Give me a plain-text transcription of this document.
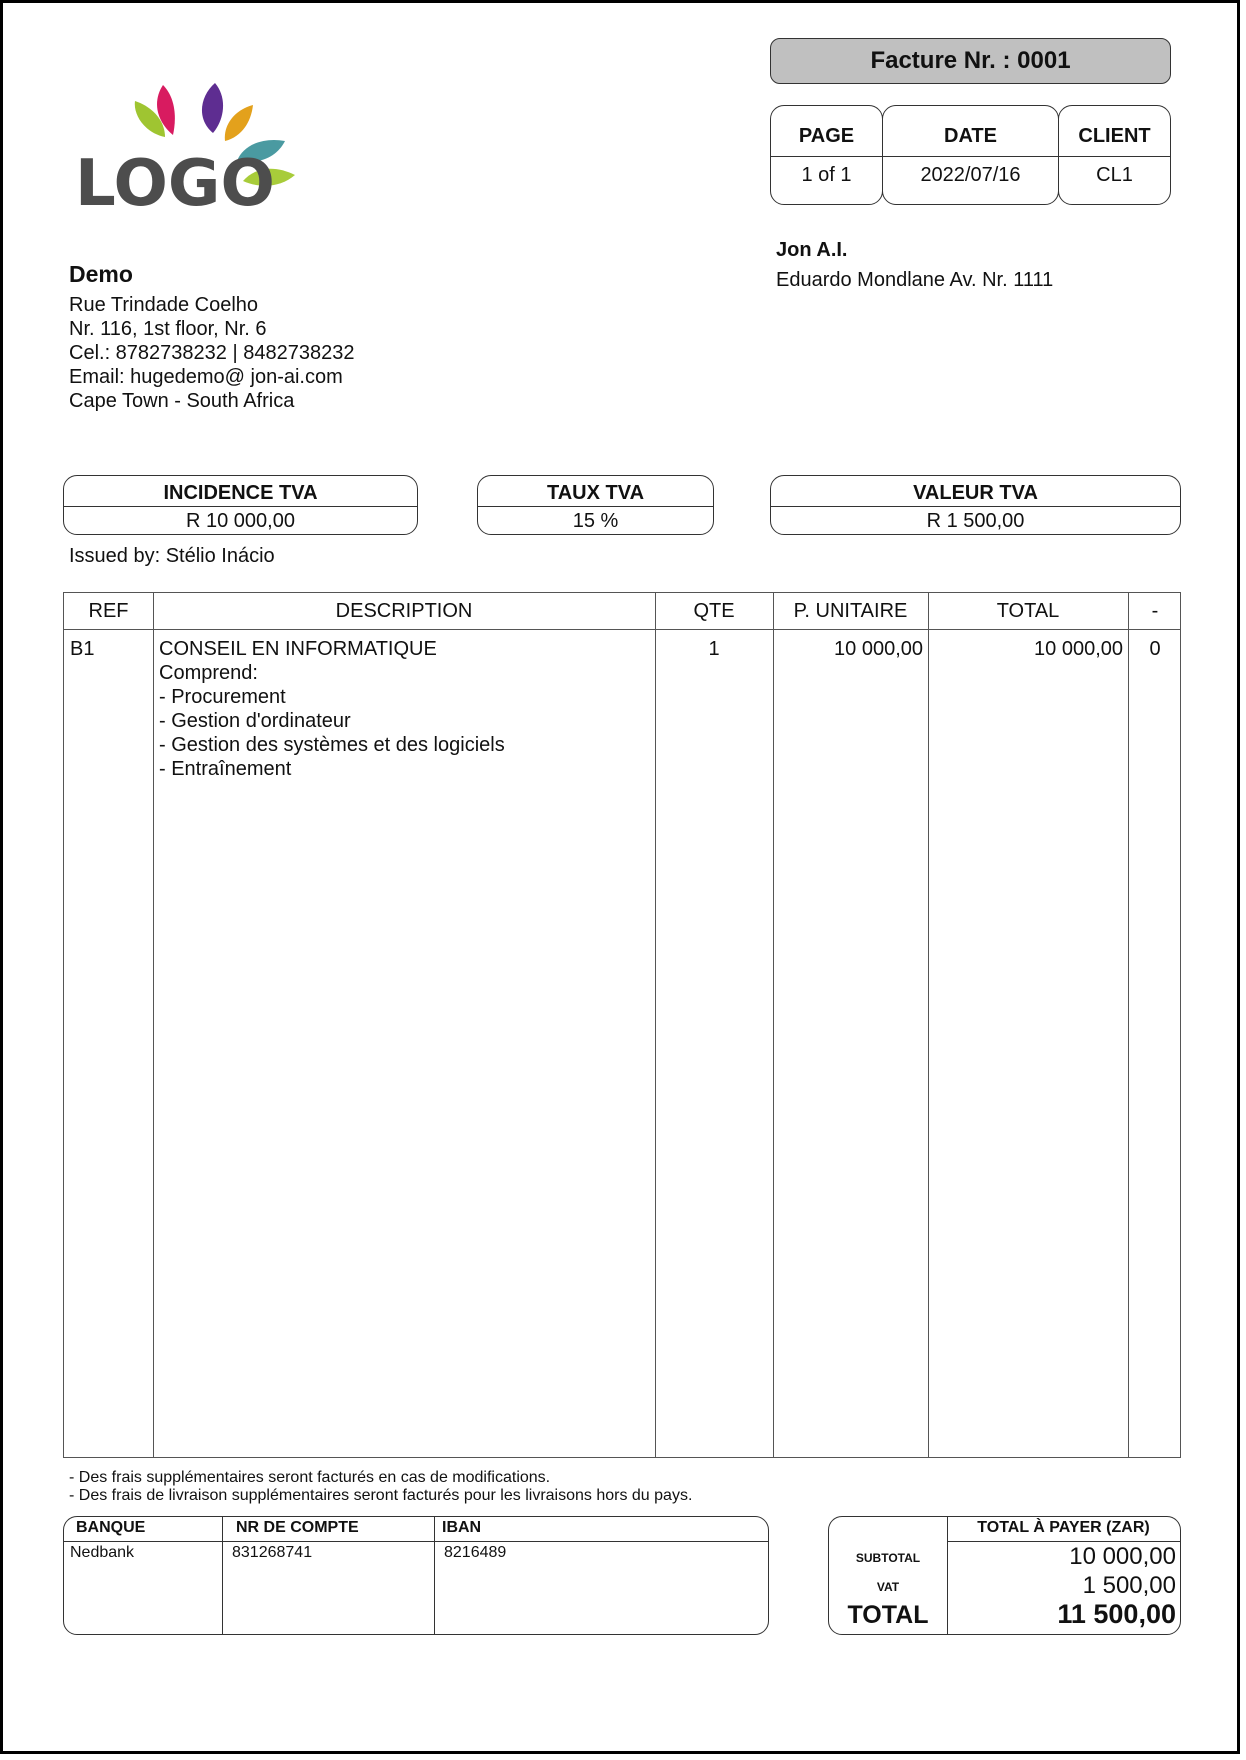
LOGO
Facture Nr. : 0001
PAGE
1 of 1
DATE
2022/07/16
CLIENT
CL1
Jon A.I.
Eduardo Mondlane Av. Nr. 1111
Demo
Rue Trindade Coelho
Nr. 116, 1st floor, Nr. 6
Cel.: 8782738232 | 8482738232
Email: hugedemo@ jon-ai.com
Cape Town - South Africa
INCIDENCE TVA
R 10 000,00
TAUX TVA
15 %
VALEUR TVA
R 1 500,00
Issued by: Stélio Inácio
REF	DESCRIPTION	QTE	P. UNITAIRE	TOTAL	-
B1	CONSEIL EN INFORMATIQUE
Comprend:
- Procurement
- Gestion d'ordinateur
- Gestion des systèmes et des logiciels
- Entraînement
1	10 000,00	10 000,00	0
- Des frais supplémentaires seront facturés en cas de modifications.
- Des frais de livraison supplémentaires seront facturés pour les livraisons hors du pays.
BANQUE	NR DE COMPTE	IBAN
Nedbank	831268741	8216489
TOTAL À PAYER (ZAR)
SUBTOTAL	10 000,00
VAT	1 500,00
TOTAL	11 500,00
